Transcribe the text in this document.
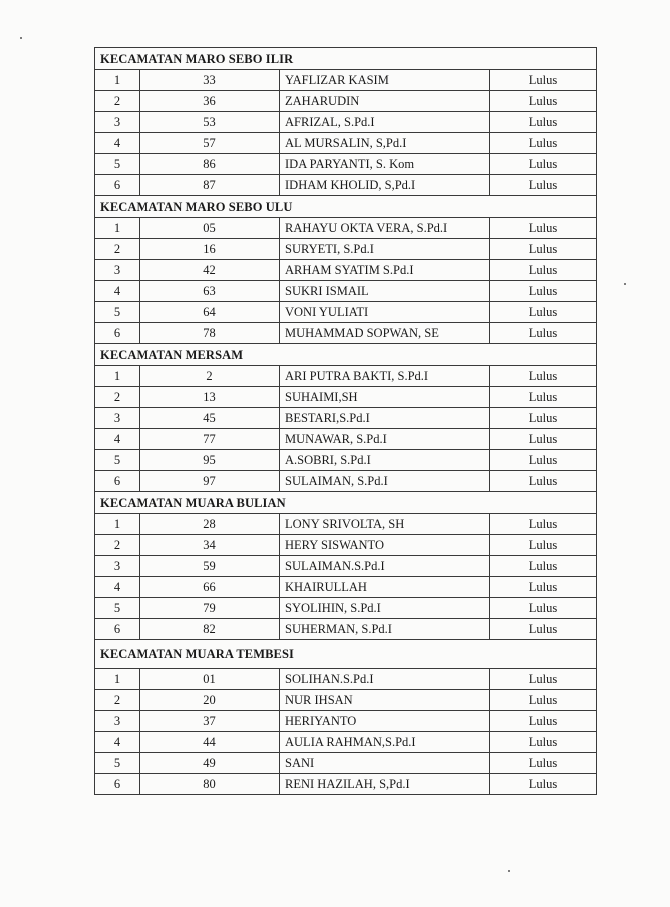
KECAMATAN MARO SEBO ILIR			
1	33	YAFLIZAR KASIM	Lulus
2	36	ZAHARUDIN	Lulus
3	53	AFRIZAL, S.Pd.I	Lulus
4	57	AL MURSALIN, S,Pd.I	Lulus
5	86	IDA PARYANTI, S. Kom	Lulus
6	87	IDHAM KHOLID, S,Pd.I	Lulus
KECAMATAN MARO SEBO ULU			
1	05	RAHAYU OKTA VERA, S.Pd.I	Lulus
2	16	SURYETI, S.Pd.I	Lulus
3	42	ARHAM SYATIM S.Pd.I	Lulus
4	63	SUKRI ISMAIL	Lulus
5	64	VONI YULIATI	Lulus
6	78	MUHAMMAD SOPWAN, SE	Lulus
KECAMATAN MERSAM			
1	2	ARI PUTRA BAKTI, S.Pd.I	Lulus
2	13	SUHAIMI,SH	Lulus
3	45	BESTARI,S.Pd.I	Lulus
4	77	MUNAWAR, S.Pd.I	Lulus
5	95	A.SOBRI, S.Pd.I	Lulus
6	97	SULAIMAN, S.Pd.I	Lulus
KECAMATAN MUARA BULIAN			
1	28	LONY SRIVOLTA, SH	Lulus
2	34	HERY SISWANTO	Lulus
3	59	SULAIMAN.S.Pd.I	Lulus
4	66	KHAIRULLAH	Lulus
5	79	SYOLIHIN, S.Pd.I	Lulus
6	82	SUHERMAN, S.Pd.I	Lulus
KECAMATAN MUARA TEMBESI			
1	01	SOLIHAN.S.Pd.I	Lulus
2	20	NUR IHSAN	Lulus
3	37	HERIYANTO	Lulus
4	44	AULIA RAHMAN,S.Pd.I	Lulus
5	49	SANI	Lulus
6	80	RENI HAZILAH, S,Pd.I	Lulus
